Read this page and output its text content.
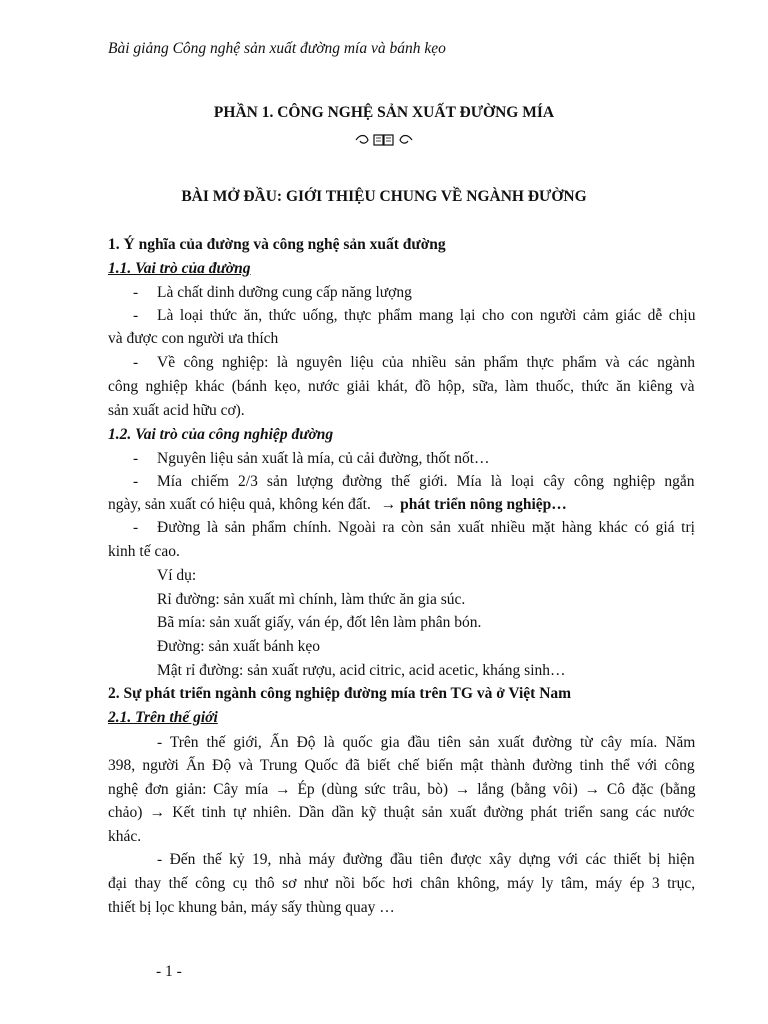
Bài giảng Công nghệ sản xuất đường mía và bánh kẹo
PHẦN 1. CÔNG NGHỆ SẢN XUẤT ĐƯỜNG MÍA
BÀI MỞ ĐẦU: GIỚI THIỆU CHUNG VỀ NGÀNH ĐƯỜNG
1. Ý nghĩa của đường và công nghệ sản xuất đường
1.1. Vai trò của đường
- Là chất dinh dưỡng cung cấp năng lượng
- Là loại thức ăn, thức uống, thực phẩm mang lại cho con người cảm giác dễ chịu
và được con người ưa thích
- Về công nghiệp: là nguyên liệu của nhiều sản phẩm thực phẩm và các ngành
công nghiệp khác (bánh kẹo, nước giải khát, đồ hộp, sữa, làm thuốc, thức ăn kiêng và
sản xuất acid hữu cơ).
1.2. Vai trò của công nghiệp đường
- Nguyên liệu sản xuất là mía, củ cải đường, thốt nốt…
- Mía chiếm 2/3 sản lượng đường thế giới. Mía là loại cây công nghiệp ngắn
ngày, sản xuất có hiệu quả, không kén đất. → phát triển nông nghiệp…
- Đường là sản phẩm chính. Ngoài ra còn sản xuất nhiều mặt hàng khác có giá trị
kinh tế cao.
Ví dụ:
Rỉ đường: sản xuất mì chính, làm thức ăn gia súc.
Bã mía: sản xuất giấy, ván ép, đốt lên làm phân bón.
Đường: sản xuất bánh kẹo
Mật rỉ đường: sản xuất rượu, acid citric, acid acetic, kháng sinh…
2. Sự phát triển ngành công nghiệp đường mía trên TG và ở Việt Nam
2.1. Trên thế giới
- Trên thế giới, Ấn Độ là quốc gia đầu tiên sản xuất đường từ cây mía. Năm
398, người Ấn Độ và Trung Quốc đã biết chế biến mật thành đường tinh thể với công
nghệ đơn giản: Cây mía → Ép (dùng sức trâu, bò) → lắng (bằng vôi) → Cô đặc (bằng
chảo) → Kết tinh tự nhiên. Dần dần kỹ thuật sản xuất đường phát triển sang các nước
khác.
- Đến thế kỷ 19, nhà máy đường đầu tiên được xây dựng với các thiết bị hiện
đại thay thế công cụ thô sơ như nồi bốc hơi chân không, máy ly tâm, máy ép 3 trục,
thiết bị lọc khung bản, máy sấy thùng quay …
- 1 -
